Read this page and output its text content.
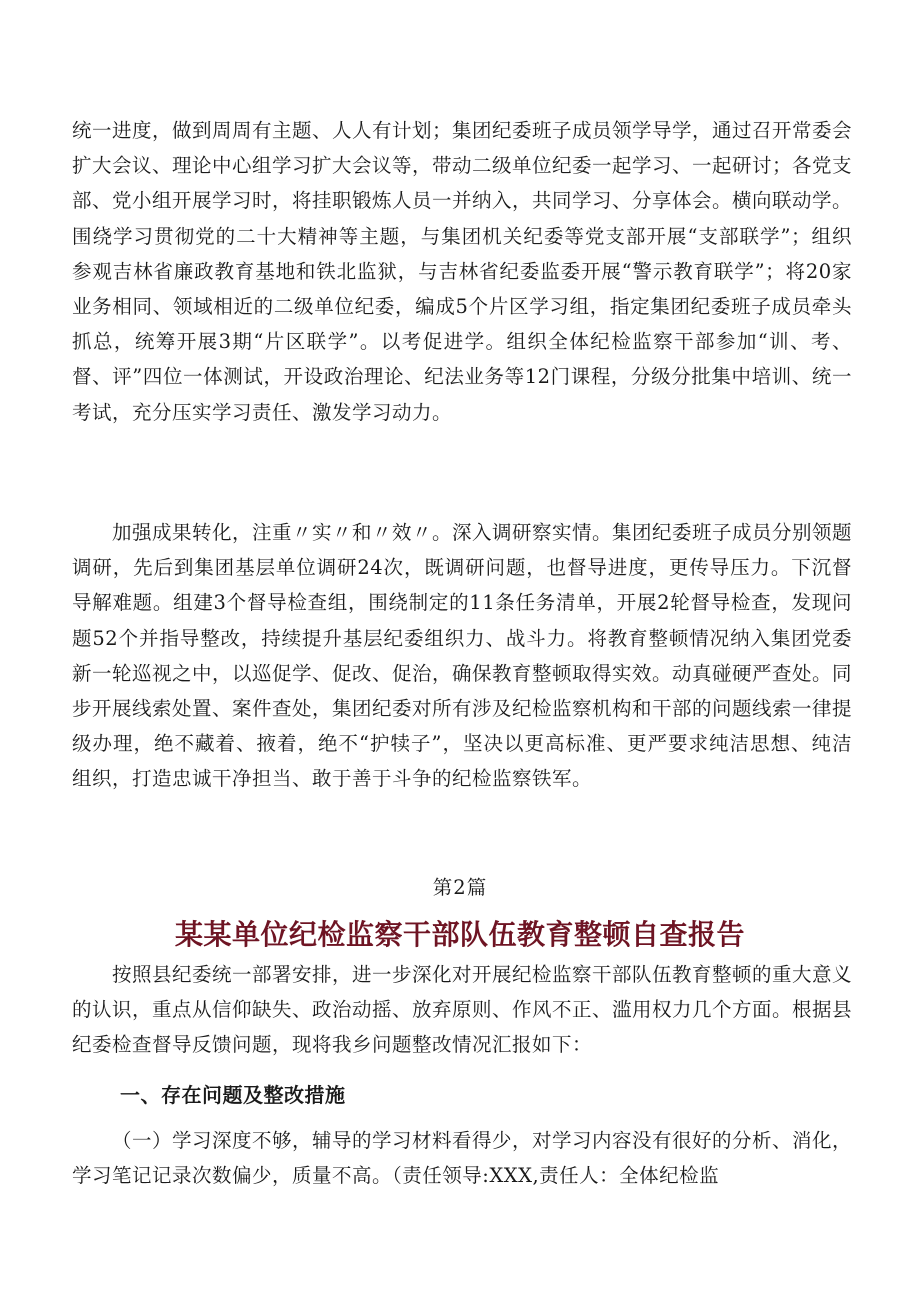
统一进度，做到周周有主题、人人有计划；集团纪委班子成员领学导学，通过召开常委会扩大会议、理论中心组学习扩大会议等，带动二级单位纪委一起学习、一起研讨；各党支部、党小组开展学习时，将挂职锻炼人员一并纳入，共同学习、分享体会。横向联动学。围绕学习贯彻党的二十大精神等主题，与集团机关纪委等党支部开展“支部联学”；组织参观吉林省廉政教育基地和铁北监狱，与吉林省纪委监委开展“警示教育联学”；将20家业务相同、领域相近的二级单位纪委，编成5个片区学习组，指定集团纪委班子成员牵头抓总，统筹开展3期“片区联学”。以考促进学。组织全体纪检监察干部参加“训、考、督、评”四位一体测试，开设政治理论、纪法业务等12门课程，分级分批集中培训、统一考试，充分压实学习责任、激发学习动力。

加强成果转化，注重〃实〃和〃效〃。深入调研察实情。集团纪委班子成员分别领题调研，先后到集团基层单位调研24次，既调研问题，也督导进度，更传导压力。下沉督导解难题。组建3个督导检查组，围绕制定的11条任务清单，开展2轮督导检查，发现问题52个并指导整改，持续提升基层纪委组织力、战斗力。将教育整顿情况纳入集团党委新一轮巡视之中，以巡促学、促改、促治，确保教育整顿取得实效。动真碰硬严查处。同步开展线索处置、案件查处，集团纪委对所有涉及纪检监察机构和干部的问题线索一律提级办理，绝不藏着、掖着，绝不“护犊子”，坚决以更高标准、更严要求纯洁思想、纯洁组织，打造忠诚干净担当、敢于善于斗争的纪检监察铁军。

第2篇
某某单位纪检监察干部队伍教育整顿自查报告

按照县纪委统一部署安排，进一步深化对开展纪检监察干部队伍教育整顿的重大意义的认识，重点从信仰缺失、政治动摇、放弃原则、作风不正、滥用权力几个方面。根据县纪委检查督导反馈问题，现将我乡问题整改情况汇报如下：

一、存在问题及整改措施

（一）学习深度不够，辅导的学习材料看得少，对学习内容没有很好的分析、消化，学习笔记记录次数偏少，质量不高。（责任领导:XXX,责任人：全体纪检监
